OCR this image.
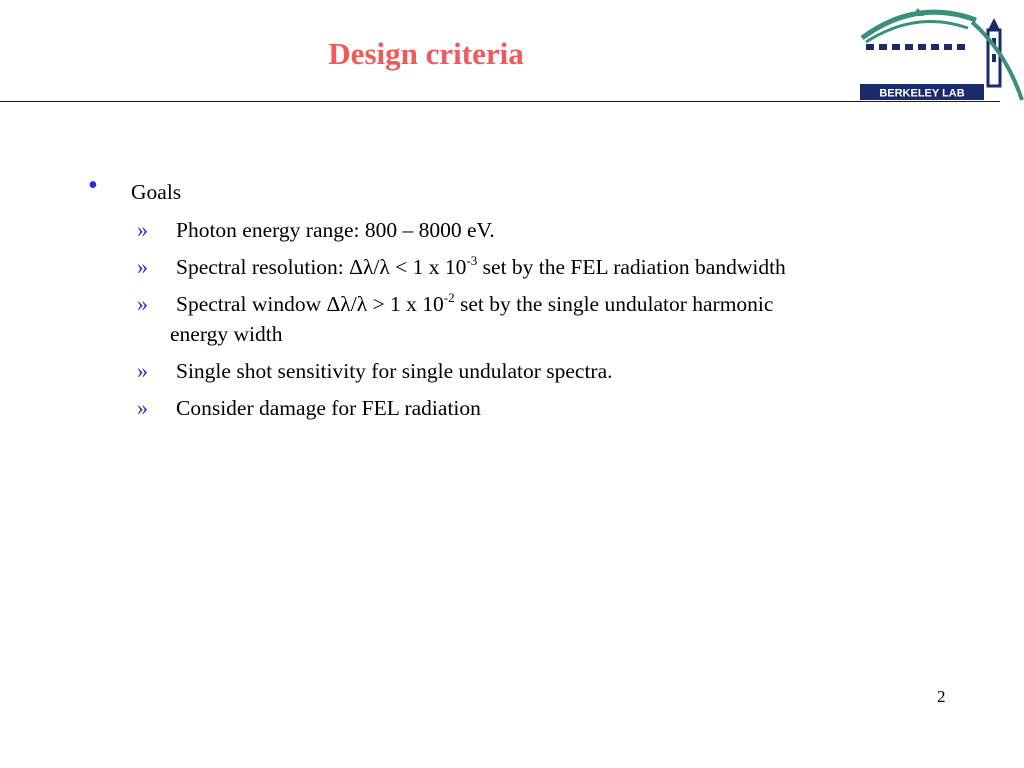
Design criteria
BERKELEY LAB
• Goals
» Photon energy range: 800 – 8000 eV.
» Spectral resolution: Δλ/λ < 1 x $10^{-3}$ set by the FEL radiation bandwidth
» Spectral window Δλ/λ > 1 x $10^{-2}$ set by the single undulator harmonic
energy width
» Single shot sensitivity for single undulator spectra.
» Consider damage for FEL radiation
2
